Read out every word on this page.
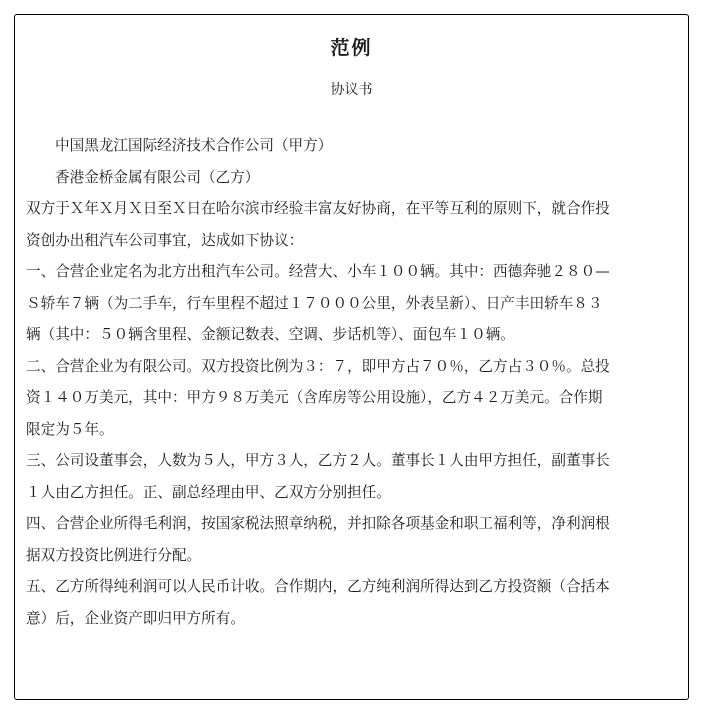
范例

协议书

中国黑龙江国际经济技术合作公司（甲方）

香港金桥金属有限公司（乙方）

双方于Ｘ年Ｘ月Ｘ日至Ｘ日在哈尔滨市经验丰富友好协商，在平等互利的原则下，就合作投

资创办出租汽车公司事宜，达成如下协议：

一、合营企业定名为北方出租汽车公司。经营大、小车１００辆。其中：西德奔驰２８０—

Ｓ轿车７辆（为二手车，行车里程不超过１７０００公里，外表呈新）、日产丰田轿车８３

辆（其中：５０辆含里程、金额记数表、空调、步话机等）、面包车１０辆。

二、合营企业为有限公司。双方投资比例为３：７，即甲方占７０％，乙方占３０％。总投

资１４０万美元，其中：甲方９８万美元（含库房等公用设施），乙方４２万美元。合作期

限定为５年。

三、公司设董事会，人数为５人，甲方３人，乙方２人。董事长１人由甲方担任，副董事长

１人由乙方担任。正、副总经理由甲、乙双方分别担任。

四、合营企业所得毛利润，按国家税法照章纳税，并扣除各项基金和职工福利等，净利润根

据双方投资比例进行分配。

五、乙方所得纯利润可以人民币计收。合作期内，乙方纯利润所得达到乙方投资额（合括本

意）后，企业资产即归甲方所有。
